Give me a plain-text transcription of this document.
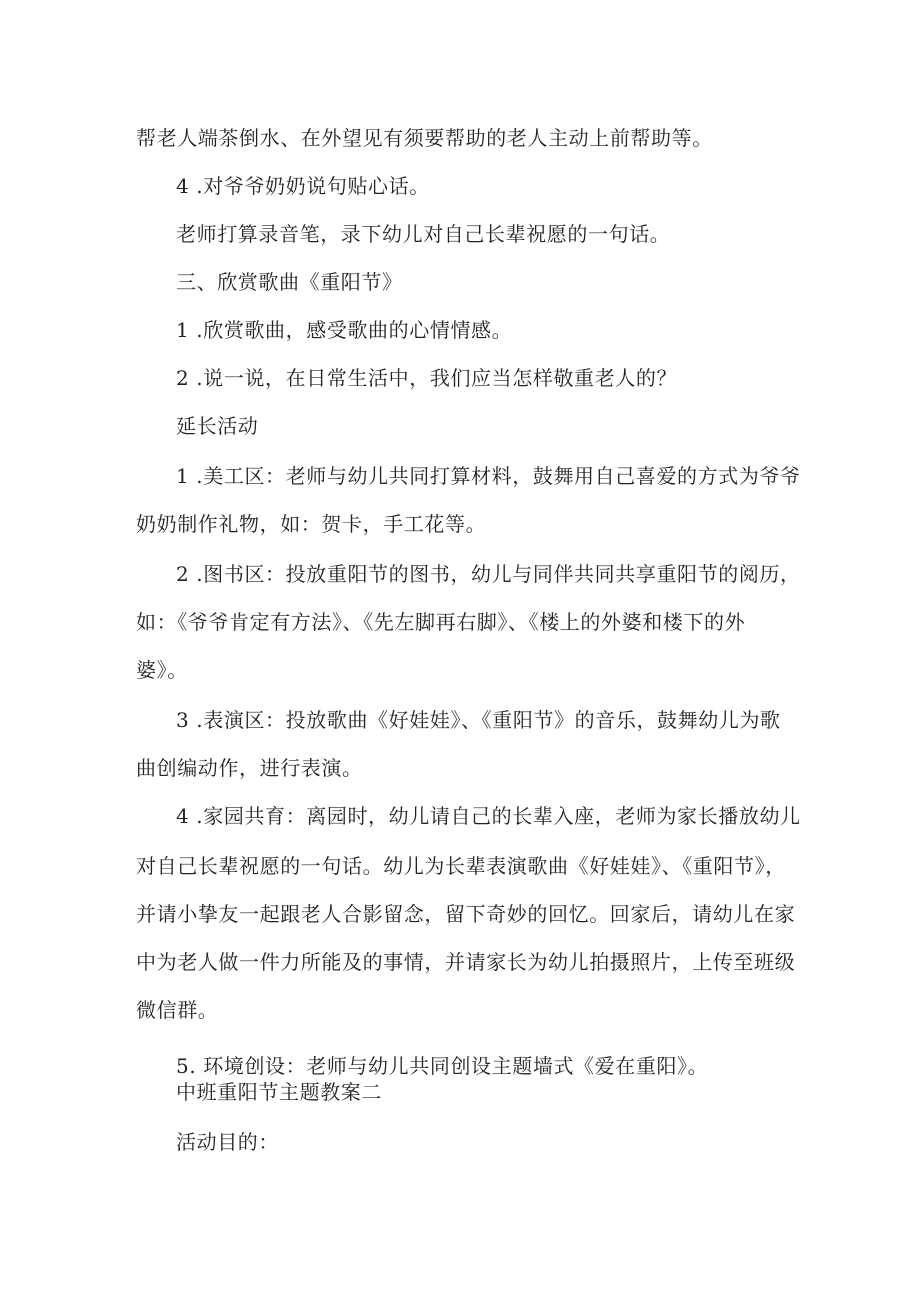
帮老人端茶倒水、在外望见有须要帮助的老人主动上前帮助等。
4 .对爷爷奶奶说句贴心话。
老师打算录音笔，录下幼儿对自己长辈祝愿的一句话。
三、欣赏歌曲《重阳节》
1 .欣赏歌曲，感受歌曲的心情情感。
2 .说一说，在日常生活中，我们应当怎样敬重老人的？
延长活动
1 .美工区：老师与幼儿共同打算材料，鼓舞用自己喜爱的方式为爷爷
奶奶制作礼物，如：贺卡，手工花等。
2 .图书区：投放重阳节的图书，幼儿与同伴共同共享重阳节的阅历，
如：《爷爷肯定有方法》、《先左脚再右脚》、《楼上的外婆和楼下的外
婆》。
3 .表演区：投放歌曲《好娃娃》、《重阳节》的音乐，鼓舞幼儿为歌
曲创编动作，进行表演。
4 .家园共育：离园时，幼儿请自己的长辈入座，老师为家长播放幼儿
对自己长辈祝愿的一句话。幼儿为长辈表演歌曲《好娃娃》、《重阳节》，
并请小挚友一起跟老人合影留念，留下奇妙的回忆。回家后，请幼儿在家
中为老人做一件力所能及的事情，并请家长为幼儿拍摄照片，上传至班级
微信群。
5. 环境创设：老师与幼儿共同创设主题墙式《爱在重阳》。
中班重阳节主题教案二
活动目的：
